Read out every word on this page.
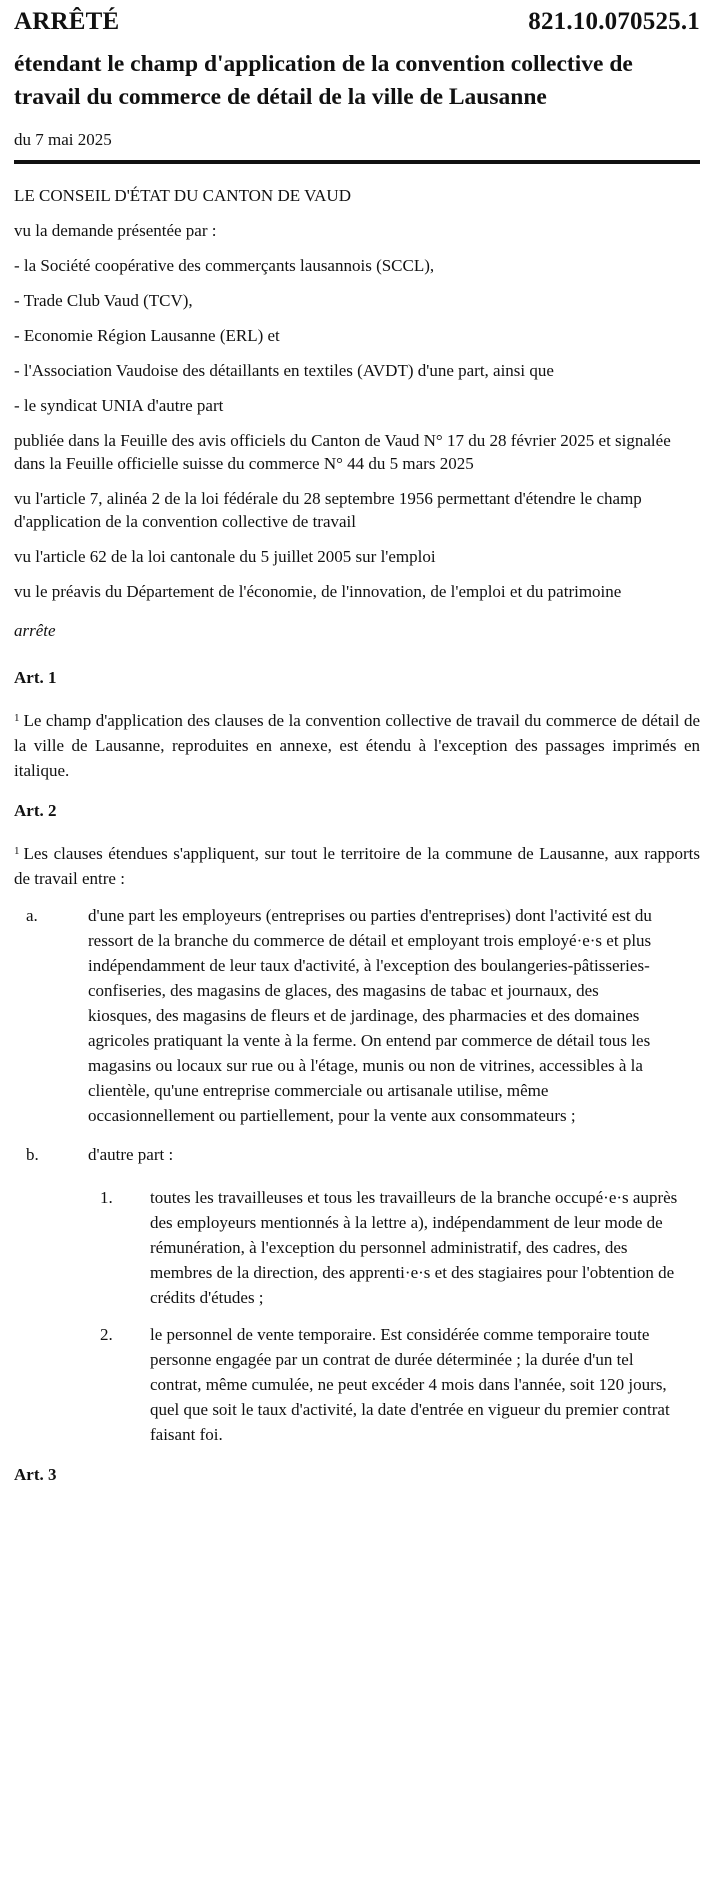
ARRÊTÉ	821.10.070525.1
étendant le champ d'application de la convention collective de travail du commerce de détail de la ville de Lausanne
du 7 mai 2025
LE CONSEIL D'ÉTAT DU CANTON DE VAUD
vu la demande présentée par :
- la Société coopérative des commerçants lausannois (SCCL),
- Trade Club Vaud (TCV),
- Economie Région Lausanne (ERL) et
- l'Association Vaudoise des détaillants en textiles (AVDT) d'une part, ainsi que
- le syndicat UNIA d'autre part
publiée dans la Feuille des avis officiels du Canton de Vaud N° 17 du 28 février 2025 et signalée dans la Feuille officielle suisse du commerce N° 44 du 5 mars 2025
vu l'article 7, alinéa 2 de la loi fédérale du 28 septembre 1956 permettant d'étendre le champ d'application de la convention collective de travail
vu l'article 62 de la loi cantonale du 5 juillet 2005 sur l'emploi
vu le préavis du Département de l'économie, de l'innovation, de l'emploi et du patrimoine
arrête
Art. 1
$^1$ Le champ d'application des clauses de la convention collective de travail du commerce de détail de la ville de Lausanne, reproduites en annexe, est étendu à l'exception des passages imprimés en italique.
Art. 2
$^1$ Les clauses étendues s'appliquent, sur tout le territoire de la commune de Lausanne, aux rapports de travail entre :
a.	d'une part les employeurs (entreprises ou parties d'entreprises) dont l'activité est du ressort de la branche du commerce de détail et employant trois employé·e·s et plus indépendamment de leur taux d'activité, à l'exception des boulangeries-pâtisseries-confiseries, des magasins de glaces, des magasins de tabac et journaux, des kiosques, des magasins de fleurs et de jardinage, des pharmacies et des domaines agricoles pratiquant la vente à la ferme. On entend par commerce de détail tous les magasins ou locaux sur rue ou à l'étage, munis ou non de vitrines, accessibles à la clientèle, qu'une entreprise commerciale ou artisanale utilise, même occasionnellement ou partiellement, pour la vente aux consommateurs ;
b.	d'autre part :
1.	toutes les travailleuses et tous les travailleurs de la branche occupé·e·s auprès des employeurs mentionnés à la lettre a), indépendamment de leur mode de rémunération, à l'exception du personnel administratif, des cadres, des membres de la direction, des apprenti·e·s et des stagiaires pour l'obtention de crédits d'études ;
2.	le personnel de vente temporaire. Est considérée comme temporaire toute personne engagée par un contrat de durée déterminée ; la durée d'un tel contrat, même cumulée, ne peut excéder 4 mois dans l'année, soit 120 jours, quel que soit le taux d'activité, la date d'entrée en vigueur du premier contrat faisant foi.
Art. 3
